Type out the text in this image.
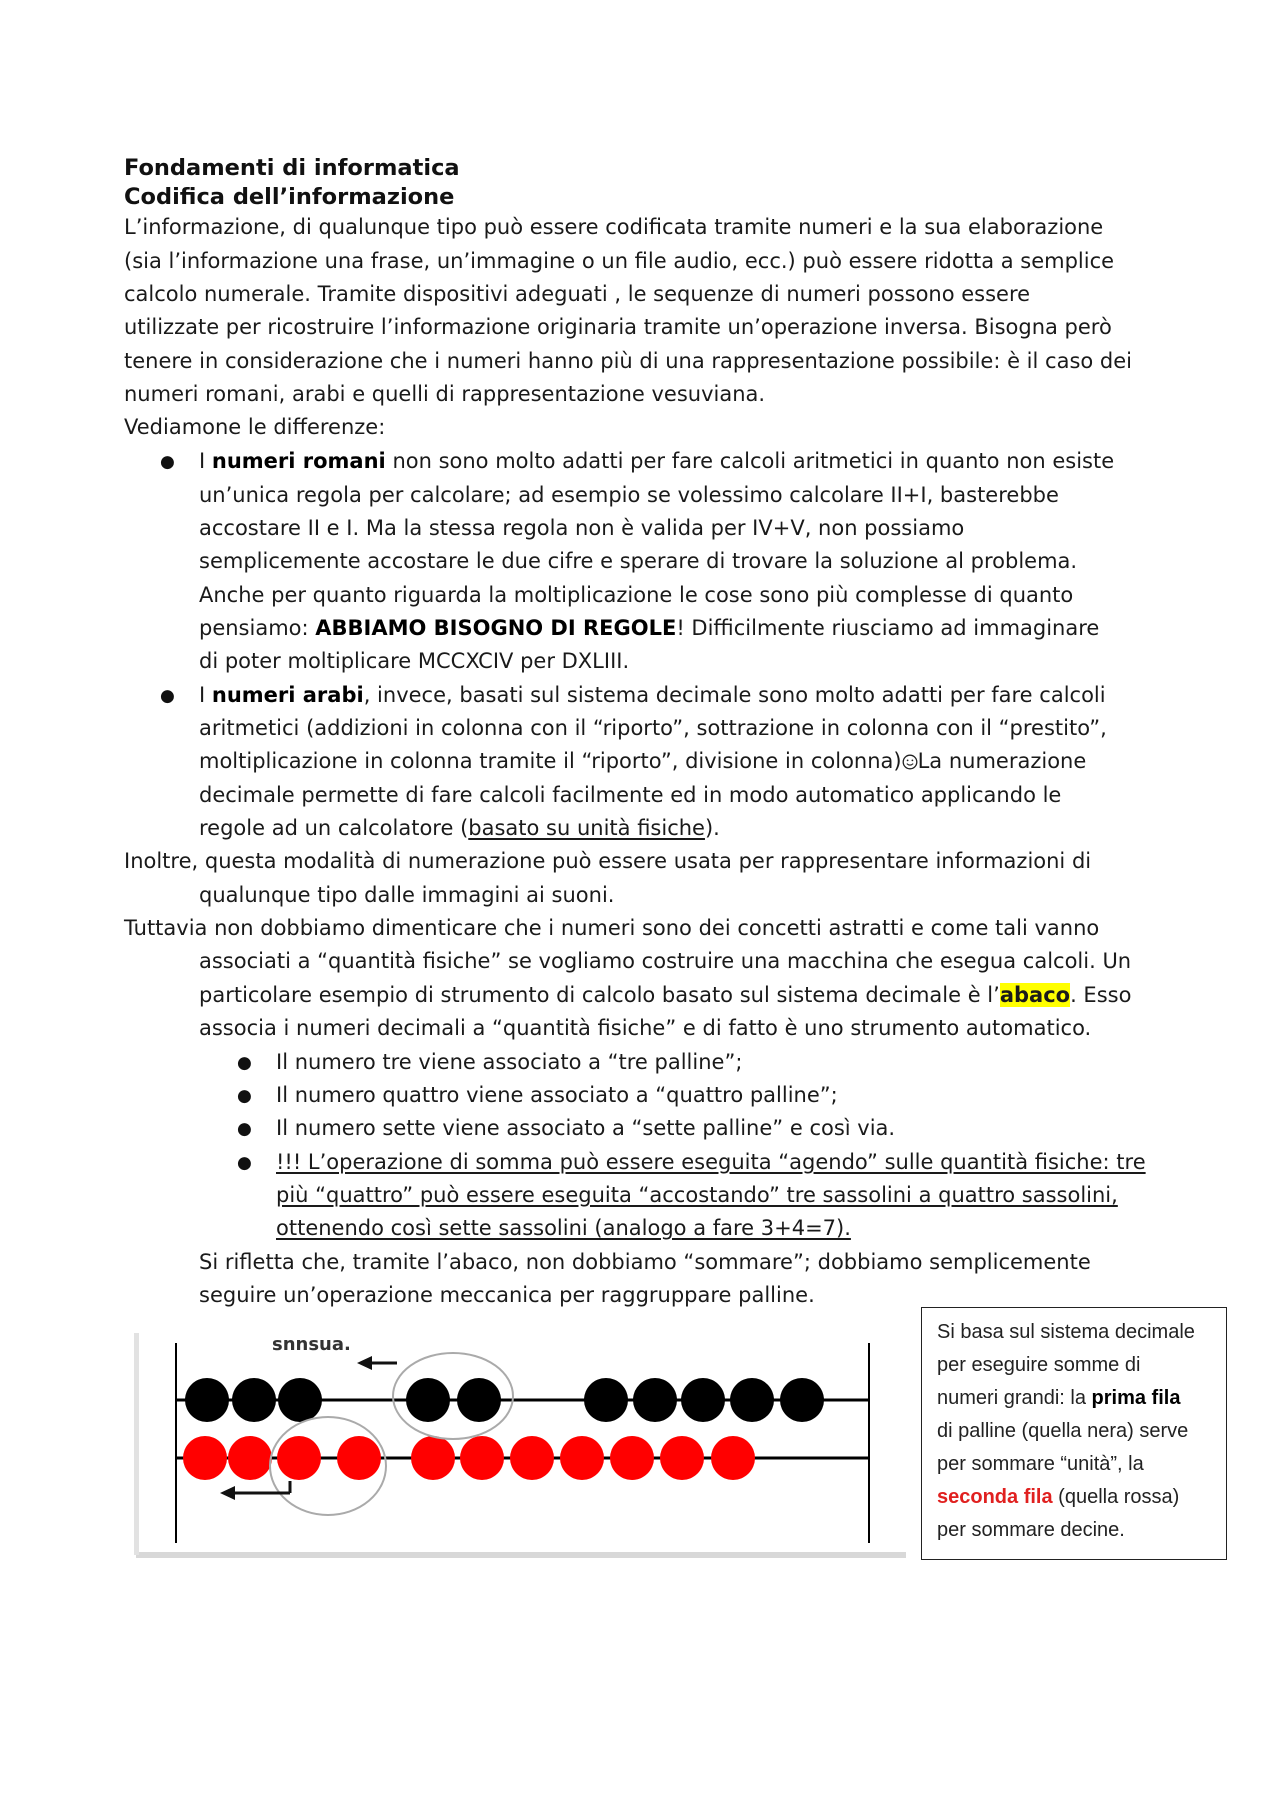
Fondamenti di informatica
Codifica dell’informazione
L’informazione, di qualunque tipo può essere codificata tramite numeri e la sua elaborazione
(sia l’informazione una frase, un’immagine o un file audio, ecc.) può essere ridotta a semplice
calcolo numerale. Tramite dispositivi adeguati , le sequenze di numeri possono essere
utilizzate per ricostruire l’informazione originaria tramite un’operazione inversa. Bisogna però
tenere in considerazione che i numeri hanno più di una rappresentazione possibile: è il caso dei
numeri romani, arabi e quelli di rappresentazione vesuviana.
Vediamone le differenze:
● I numeri romani non sono molto adatti per fare calcoli aritmetici in quanto non esiste
un’unica regola per calcolare; ad esempio se volessimo calcolare II+I, basterebbe
accostare II e I. Ma la stessa regola non è valida per IV+V, non possiamo
semplicemente accostare le due cifre e sperare di trovare la soluzione al problema.
Anche per quanto riguarda la moltiplicazione le cose sono più complesse di quanto
pensiamo: ABBIAMO BISOGNO DI REGOLE! Difficilmente riusciamo ad immaginare
di poter moltiplicare MCCXCIV per DXLIII.
● I numeri arabi, invece, basati sul sistema decimale sono molto adatti per fare calcoli
aritmetici (addizioni in colonna con il “riporto”, sottrazione in colonna con il “prestito”,
moltiplicazione in colonna tramite il “riporto”, divisione in colonna) La numerazione
decimale permette di fare calcoli facilmente ed in modo automatico applicando le
regole ad un calcolatore (basato su unità fisiche).
Inoltre, questa modalità di numerazione può essere usata per rappresentare informazioni di
qualunque tipo dalle immagini ai suoni.
Tuttavia non dobbiamo dimenticare che i numeri sono dei concetti astratti e come tali vanno
associati a “quantità fisiche” se vogliamo costruire una macchina che esegua calcoli. Un
particolare esempio di strumento di calcolo basato sul sistema decimale è l’abaco. Esso
associa i numeri decimali a “quantità fisiche” e di fatto è uno strumento automatico.
● Il numero tre viene associato a “tre palline”;
● Il numero quattro viene associato a “quattro palline”;
● Il numero sette viene associato a “sette palline” e così via.
● !!! L’operazione di somma può essere eseguita “agendo” sulle quantità fisiche: tre
più “quattro” può essere eseguita “accostando” tre sassolini a quattro sassolini,
ottenendo così sette sassolini (analogo a fare 3+4=7).
Si rifletta che, tramite l’abaco, non dobbiamo “sommare”; dobbiamo semplicemente
seguire un’operazione meccanica per raggruppare palline.
snnsua.
Si basa sul sistema decimale
per eseguire somme di
numeri grandi: la prima fila
di palline (quella nera) serve
per sommare “unità”, la
seconda fila (quella rossa)
per sommare decine.
